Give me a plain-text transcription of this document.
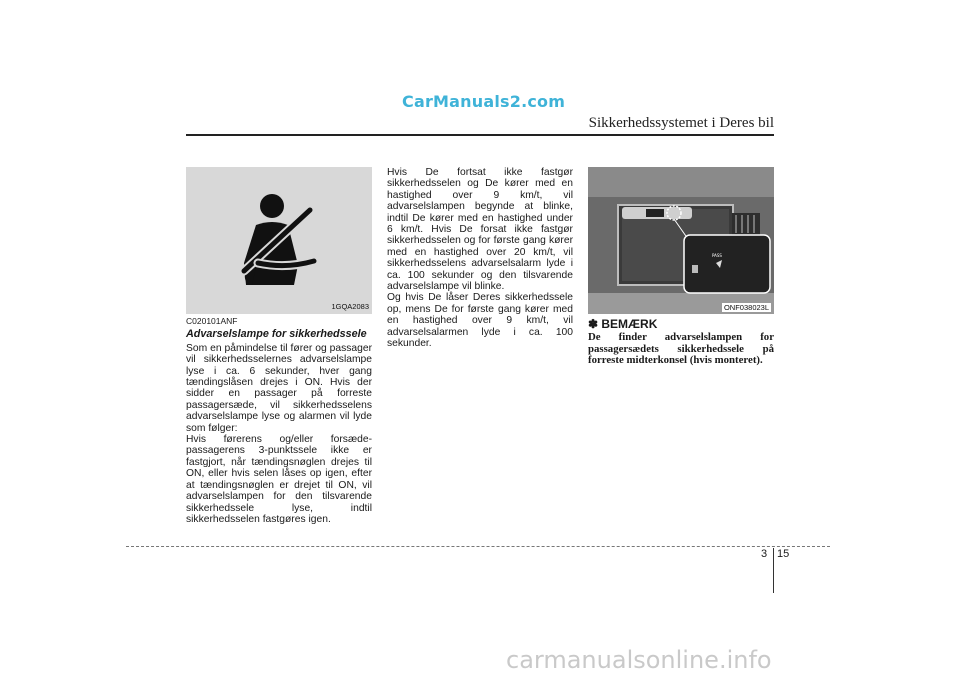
CarManuals2.com
Sikkerhedssystemet i Deres bil
1GQA2083
PASS
ONF038023L
C020101ANF
Advarselslampe for sikkerhedssele

Som en påmindelse til fører og passager vil sikkerhedsselernes advarselslampe lyse i ca. 6 sekunder, hver gang tændingslåsen drejes i ON. Hvis der sidder en passager på forreste passagersæde, vil sikkerhedsselens advarselslampe lyse og alarmen vil lyde som følger:

Hvis førerens og/eller forsæde-passagerens 3-punktssele ikke er fastgjort, når tændingsnøglen drejes til ON, eller hvis selen låses op igen, efter at tændingsnøglen er drejet til ON, vil advarselslampen for den tilsvarende sikkerhedssele lyse, indtil sikkerhedsselen fastgøres igen.

Hvis De fortsat ikke fastgør sikkerhedsselen og De kører med en hastighed over 9 km/t, vil advarselslampen begynde at blinke, indtil De kører med en hastighed under 6 km/t. Hvis De forsat ikke fastgør sikkerhedsselen og for første gang kører med en hastighed over 20 km/t, vil sikkerhedsselens advarselsalarm lyde i ca. 100 sekunder og den tilsvarende advarselslampe vil blinke.

Og hvis De låser Deres sikkerhedssele op, mens De for første gang kører med en hastighed over 9 km/t, vil advarselsalarmen lyde i ca. 100 sekunder.

✽ BEMÆRK
De finder advarselslampen for passagersædets sikkerhedssele på forreste midterkonsel (hvis monteret).
3 15
carmanualsonline.info
